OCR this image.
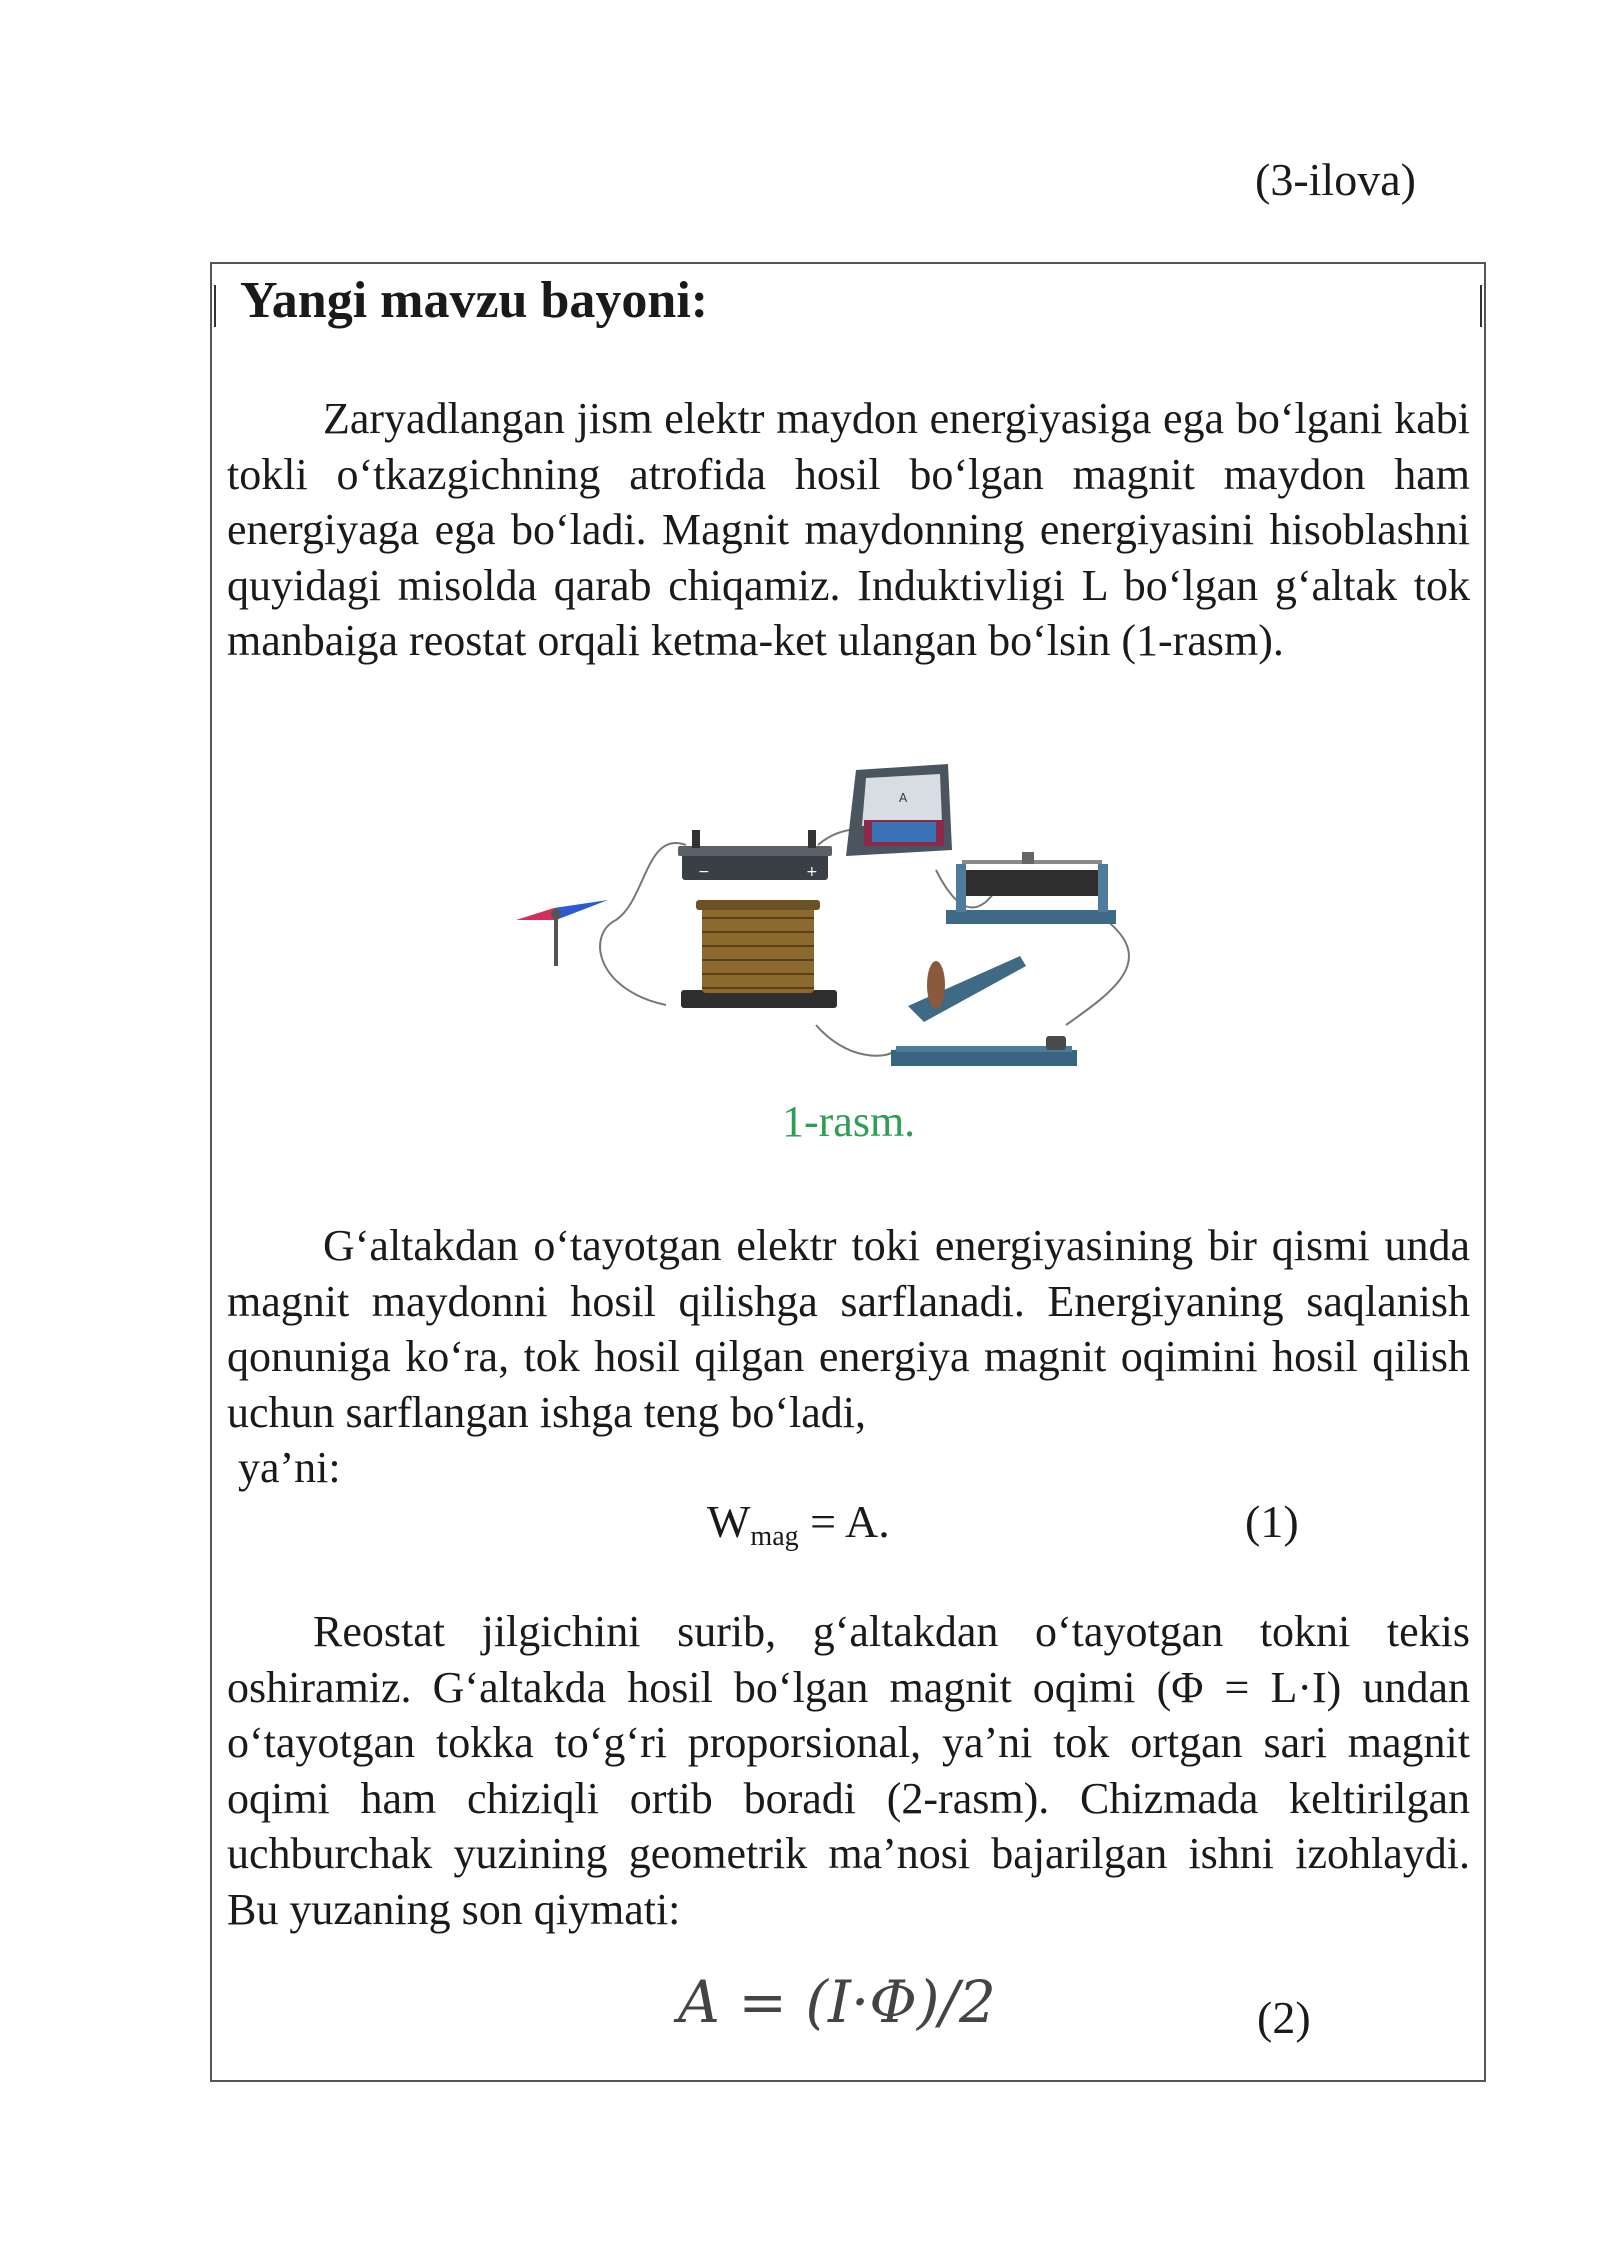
(3-ilova)
Yangi mavzu bayoni:
Zaryadlangan jism elektr maydon energiyasiga ega bo‘lgani kabi tokli o‘tkazgichning atrofida hosil bo‘lgan magnit maydon ham energiyaga ega bo‘ladi. Magnit maydonning energiyasini hisoblashni quyidagi misolda qarab chiqamiz. Induktivligi L bo‘lgan g‘altak tok manbaiga reostat orqali ketma-ket ulangan bo‘lsin (1-rasm).
−	+
A
1-rasm.
G‘altakdan o‘tayotgan elektr toki energiyasining bir qismi unda magnit maydonni hosil qilishga sarflanadi. Energiyaning saqlanish qonuniga ko‘ra, tok hosil qilgan energiya magnit oqimini hosil qilish uchun sarflangan ishga teng bo‘ladi,
ya’ni:
$W_{mag} = A$.	(1)
Reostat jilgichini surib, g‘altakdan o‘tayotgan tokni tekis oshiramiz. G‘altakda hosil bo‘lgan magnit oqimi (Φ = L·I) undan o‘tayotgan tokka to‘g‘ri proporsional, ya’ni tok ortgan sari magnit oqimi ham chiziqli ortib boradi (2-rasm). Chizmada keltirilgan uchburchak yuzining geometrik ma’nosi bajarilgan ishni izohlaydi. Bu yuzaning son qiymati:
A = (I·Φ)/2	(2)
